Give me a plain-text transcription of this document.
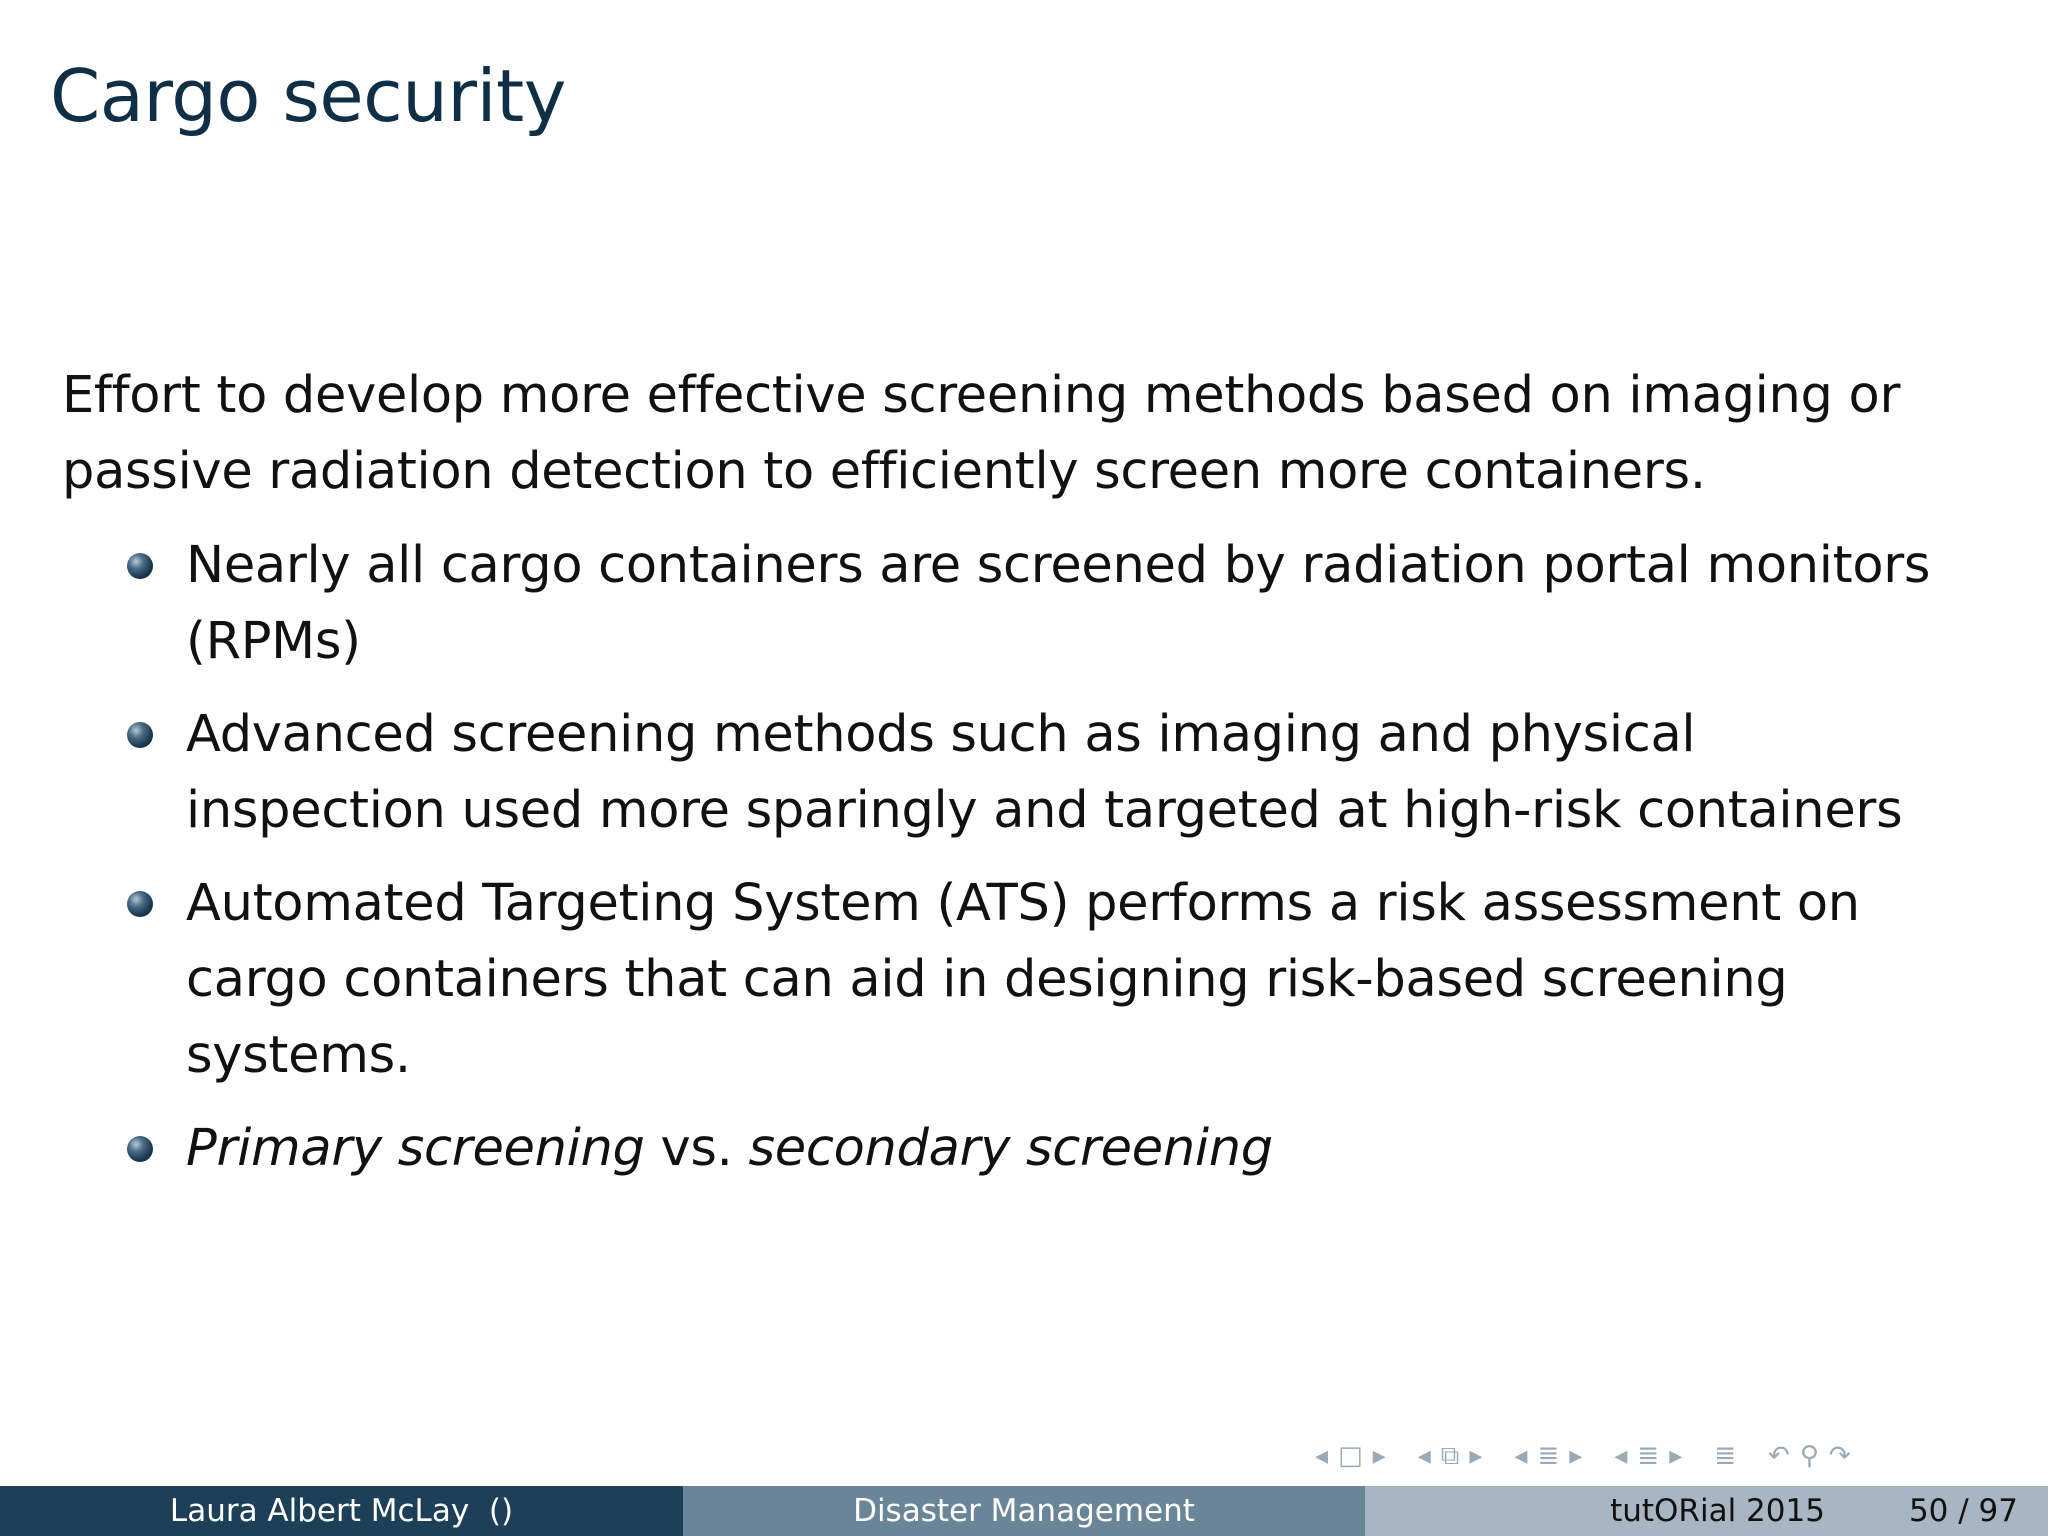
Cargo security

Effort to develop more effective screening methods based on imaging or passive radiation detection to efficiently screen more containers.

Nearly all cargo containers are screened by radiation portal monitors (RPMs)
Advanced screening methods such as imaging and physical inspection used more sparingly and targeted at high-risk containers
Automated Targeting System (ATS) performs a risk assessment on cargo containers that can aid in designing risk-based screening systems.
Primary screening vs. secondary screening
◂ □ ▸ ◂ ⧉ ▸ ◂ ≣ ▸ ◂ ≣ ▸ ≣ ↶ ⚲ ↷
Laura Albert McLay  ()	Disaster Management	tutORial 2015	50 / 97
